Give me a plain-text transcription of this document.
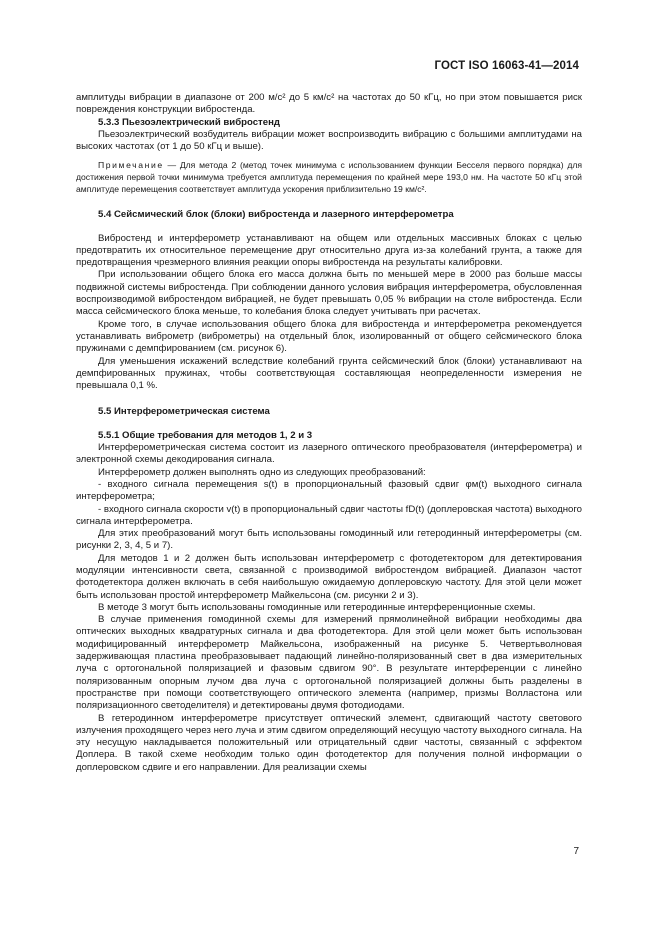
ГОСТ ISO 16063-41—2014

амплитуды вибрации в диапазоне от 200 м/с² до 5 км/с² на частотах до 50 кГц, но при этом повышается риск повреждения конструкции вибростенда.

5.3.3 Пьезоэлектрический вибростенд

Пьезоэлектрический возбудитель вибрации может воспроизводить вибрацию с большими амплитудами на высоких частотах (от 1 до 50 кГц и выше).

Примечание — Для метода 2 (метод точек минимума с использованием функции Бесселя первого порядка) для достижения первой точки минимума требуется амплитуда перемещения по крайней мере 193,0 нм. На частоте 50 кГц этой амплитуде перемещения соответствует амплитуда ускорения приблизительно 19 км/с².

5.4 Сейсмический блок (блоки) вибростенда и лазерного интерферометра

Вибростенд и интерферометр устанавливают на общем или отдельных массивных блоках с целью предотвратить их относительное перемещение друг относительно друга из-за колебаний грунта, а также для предотвращения чрезмерного влияния реакции опоры вибростенда на результаты калибровки.

При использовании общего блока его масса должна быть по меньшей мере в 2000 раз больше массы подвижной системы вибростенда. При соблюдении данного условия вибрация интерферометра, обусловленная воспроизводимой вибростендом вибрацией, не будет превышать 0,05 % вибрации на столе вибростенда. Если масса сейсмического блока меньше, то колебания блока следует учитывать при расчетах.

Кроме того, в случае использования общего блока для вибростенда и интерферометра рекомендуется устанавливать виброметр (виброметры) на отдельный блок, изолированный от общего сейсмического блока пружинами с демпфированием (см. рисунок 6).

Для уменьшения искажений вследствие колебаний грунта сейсмический блок (блоки) устанавливают на демпфированных пружинах, чтобы соответствующая составляющая неопределенности измерения не превышала 0,1 %.

5.5 Интерферометрическая система

5.5.1 Общие требования для методов 1, 2 и 3

Интерферометрическая система состоит из лазерного оптического преобразователя (интерферометра) и электронной схемы декодирования сигнала.

Интерферометр должен выполнять одно из следующих преобразований:

- входного сигнала перемещения s(t) в пропорциональный фазовый сдвиг φм(t) выходного сигнала интерферометра;

- входного сигнала скорости v(t) в пропорциональный сдвиг частоты fD(t) (доплеровская частота) выходного сигнала интерферометра.

Для этих преобразований могут быть использованы гомодинный или гетеродинный интерферометры (см. рисунки 2, 3, 4, 5 и 7).

Для методов 1 и 2 должен быть использован интерферометр с фотодетектором для детектирования модуляции интенсивности света, связанной с производимой вибростендом вибрацией. Диапазон частот фотодетектора должен включать в себя наибольшую ожидаемую доплеровскую частоту. Для этой цели может быть использован простой интерферометр Майкельсона (см. рисунки 2 и 3).

В методе 3 могут быть использованы гомодинные или гетеродинные интерференционные схемы.

В случае применения гомодинной схемы для измерений прямолинейной вибрации необходимы два оптических выходных квадратурных сигнала и два фотодетектора. Для этой цели может быть использован модифицированный интерферометр Майкельсона, изображенный на рисунке 5. Четвертьволновая задерживающая пластина преобразовывает падающий линейно-поляризованный свет в два измерительных луча с ортогональной поляризацией и фазовым сдвигом 90°. В результате интерференции с линейно поляризованным опорным лучом два луча с ортогональной поляризацией должны быть разделены в пространстве при помощи соответствующего оптического элемента (например, призмы Волластона или поляризационного светоделителя) и детектированы двумя фотодиодами.

В гетеродинном интерферометре присутствует оптический элемент, сдвигающий частоту светового излучения проходящего через него луча и этим сдвигом определяющий несущую частоту выходного сигнала. На эту несущую накладывается положительный или отрицательный сдвиг частоты, связанный с эффектом Доплера. В такой схеме необходим только один фотодетектор для получения полной информации о доплеровском сдвиге и его направлении. Для реализации схемы

7
